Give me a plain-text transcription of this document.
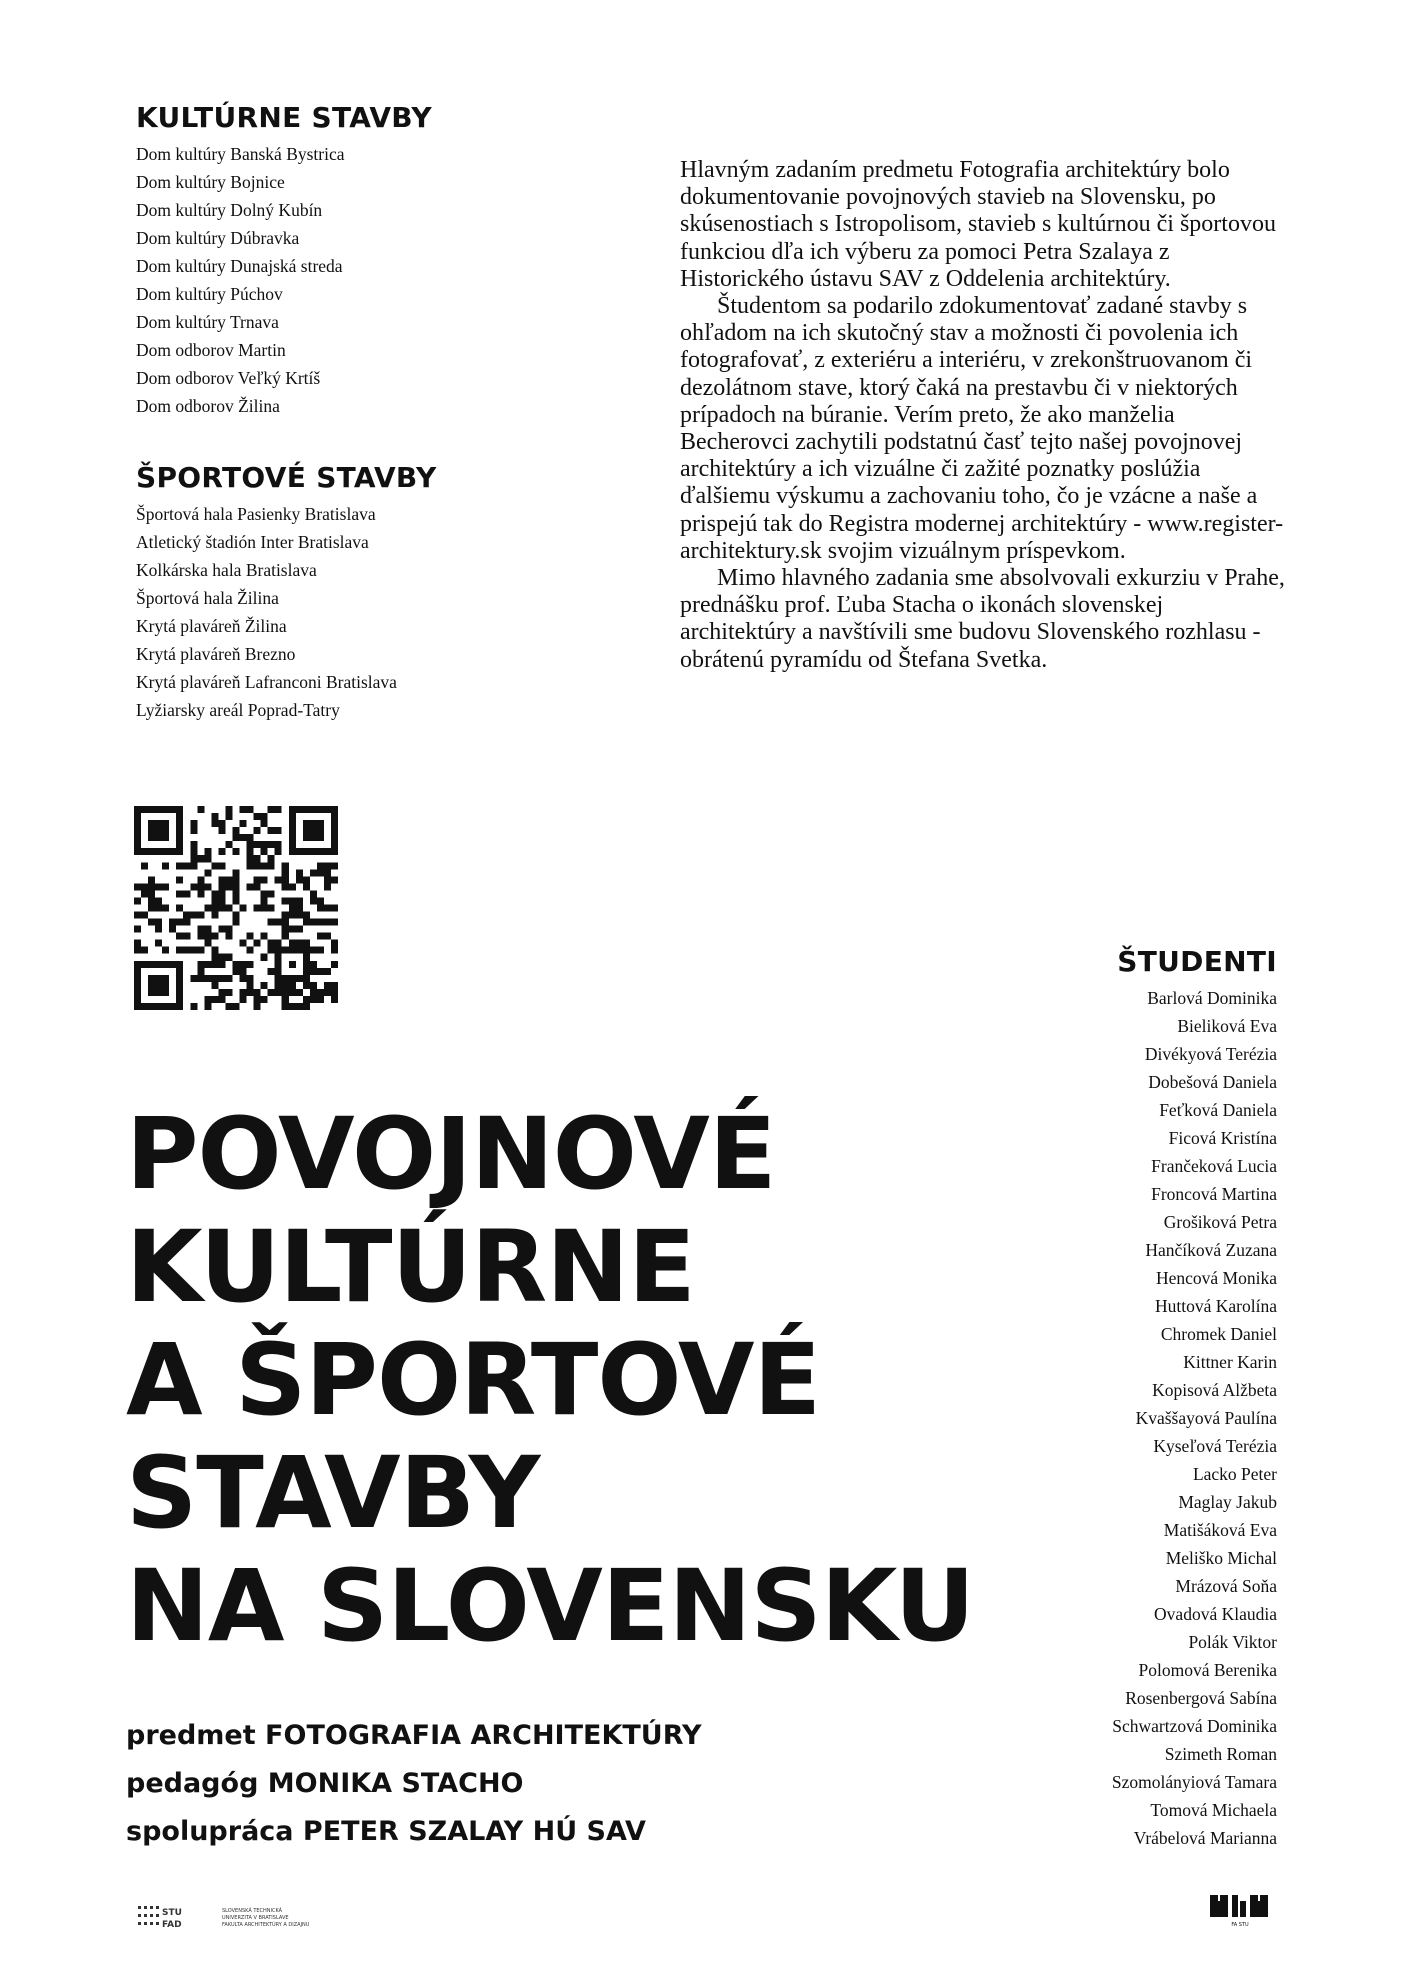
KULTÚRNE STAVBY
Dom kultúry Banská Bystrica
Dom kultúry Bojnice
Dom kultúry Dolný Kubín
Dom kultúry Dúbravka
Dom kultúry Dunajská streda
Dom kultúry Púchov
Dom kultúry Trnava
Dom odborov Martin
Dom odborov Veľký Krtíš
Dom odborov Žilina
ŠPORTOVÉ STAVBY
Športová hala Pasienky Bratislava
Atletický štadión Inter Bratislava
Kolkárska hala Bratislava
Športová hala Žilina
Krytá plaváreň Žilina
Krytá plaváreň Brezno
Krytá plaváreň Lafranconi Bratislava
Lyžiarsky areál Poprad-Tatry

Hlavným zadaním predmetu Fotografia architektúry bolo dokumentovanie povojnových stavieb na Slovensku, po skúsenostiach s Istropolisom, stavieb s kultúrnou či športovou funkciou dľa ich výberu za pomoci Petra Szalaya z Historického ústavu SAV z Oddelenia architektúry.

Študentom sa podarilo zdokumentovať zadané stavby s ohľadom na ich skutočný stav a možnosti či povolenia ich fotografovať, z exteriéru a interiéru, v zrekonštruovanom či dezolátnom stave, ktorý čaká na prestavbu či v niektorých prípadoch na búranie. Verím preto, že ako manželia Becherovci zachytili podstatnú časť tejto našej povojnovej architektúry a ich vizuálne či zažité poznatky poslúžia ďalšiemu výskumu a zachovaniu toho, čo je vzácne a naše a prispejú tak do Registra modernej architektúry - www.register-architektury.sk svojim vizuálnym príspevkom.

Mimo hlavného zadania sme absolvovali exkurziu v Prahe, prednášku prof. Ľuba Stacha o ikonách slovenskej architektúry a navštívili sme budovu Slovenského rozhlasu - obrátenú pyramídu od Štefana Svetka.

ŠTUDENTI
Barlová Dominika
Bieliková Eva
Divékyová Terézia
Dobešová Daniela
Feťková Daniela
Ficová Kristína
Frančeková Lucia
Froncová Martina
Grošiková Petra
Hančíková Zuzana
Hencová Monika
Huttová Karolína
Chromek Daniel
Kittner Karin
Kopisová Alžbeta
Kvaššayová Paulína
Kyseľová Terézia
Lacko Peter
Maglay Jakub
Matišáková Eva
Meliško Michal
Mrázová Soňa
Ovadová Klaudia
Polák Viktor
Polomová Berenika
Rosenbergová Sabína
Schwartzová Dominika
Szimeth Roman
Szomolányiová Tamara
Tomová Michaela
Vrábelová Marianna
POVOJNOVÉ
KULTÚRNE
A ŠPORTOVÉ
STAVBY
NA SLOVENSKU
predmet FOTOGRAFIA ARCHITEKTÚRY
pedagóg MONIKA STACHO
spolupráca PETER SZALAY HÚ SAV
STU
FAD
SLOVENSKÁ TECHNICKÁ
UNIVERZITA V BRATISLAVE
FAKULTA ARCHITEKTÚRY A DIZAJNU	FA STU
